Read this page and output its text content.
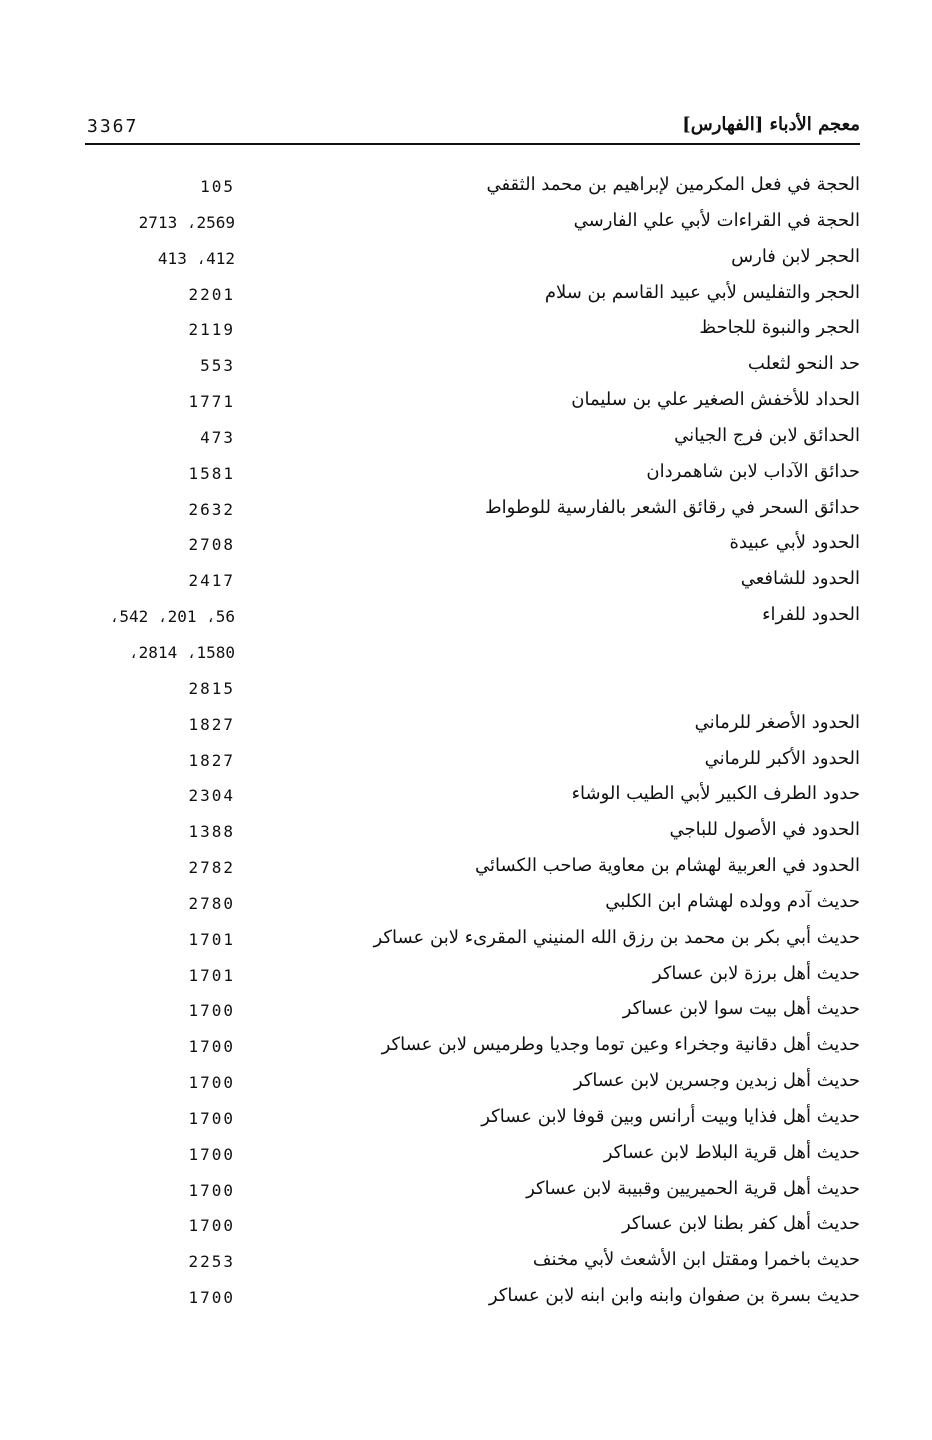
3367	معجم الأدباء [الفهارس]
الحجة في فعل المكرمين لإبراهيم بن محمد الثقفي
105
الحجة في القراءات لأبي علي الفارسي
2569، 2713
الحجر لابن فارس
412، 413
الحجر والتفليس لأبي عبيد القاسم بن سلام
2201
الحجر والنبوة للجاحظ
2119
حد النحو لثعلب
553
الحداد للأخفش الصغير علي بن سليمان
1771
الحدائق لابن فرج الجياني
473
حدائق الآداب لابن شاهمردان
1581
حدائق السحر في رقائق الشعر بالفارسية للوطواط
2632
الحدود لأبي عبيدة
2708
الحدود للشافعي
2417
الحدود للفراء
56، 201، 542،
1580، 2814،
2815
الحدود الأصغر للرماني
1827
الحدود الأكبر للرماني
1827
حدود الطرف الكبير لأبي الطيب الوشاء
2304
الحدود في الأصول للباجي
1388
الحدود في العربية لهشام بن معاوية صاحب الكسائي
2782
حديث آدم وولده لهشام ابن الكلبي
2780
حديث أبي بكر بن محمد بن رزق الله المنيني المقرىء لابن عساكر
1701
حديث أهل برزة لابن عساكر
1701
حديث أهل بيت سوا لابن عساكر
1700
حديث أهل دقانية وجخراء وعين توما وجديا وطرميس لابن عساكر
1700
حديث أهل زبدين وجسرين لابن عساكر
1700
حديث أهل فذايا وبيت أرانس وبين قوفا لابن عساكر
1700
حديث أهل قرية البلاط لابن عساكر
1700
حديث أهل قرية الحميريين وقبيبة لابن عساكر
1700
حديث أهل كفر بطنا لابن عساكر
1700
حديث باخمرا ومقتل ابن الأشعث لأبي مخنف
2253
حديث بسرة بن صفوان وابنه وابن ابنه لابن عساكر
1700
